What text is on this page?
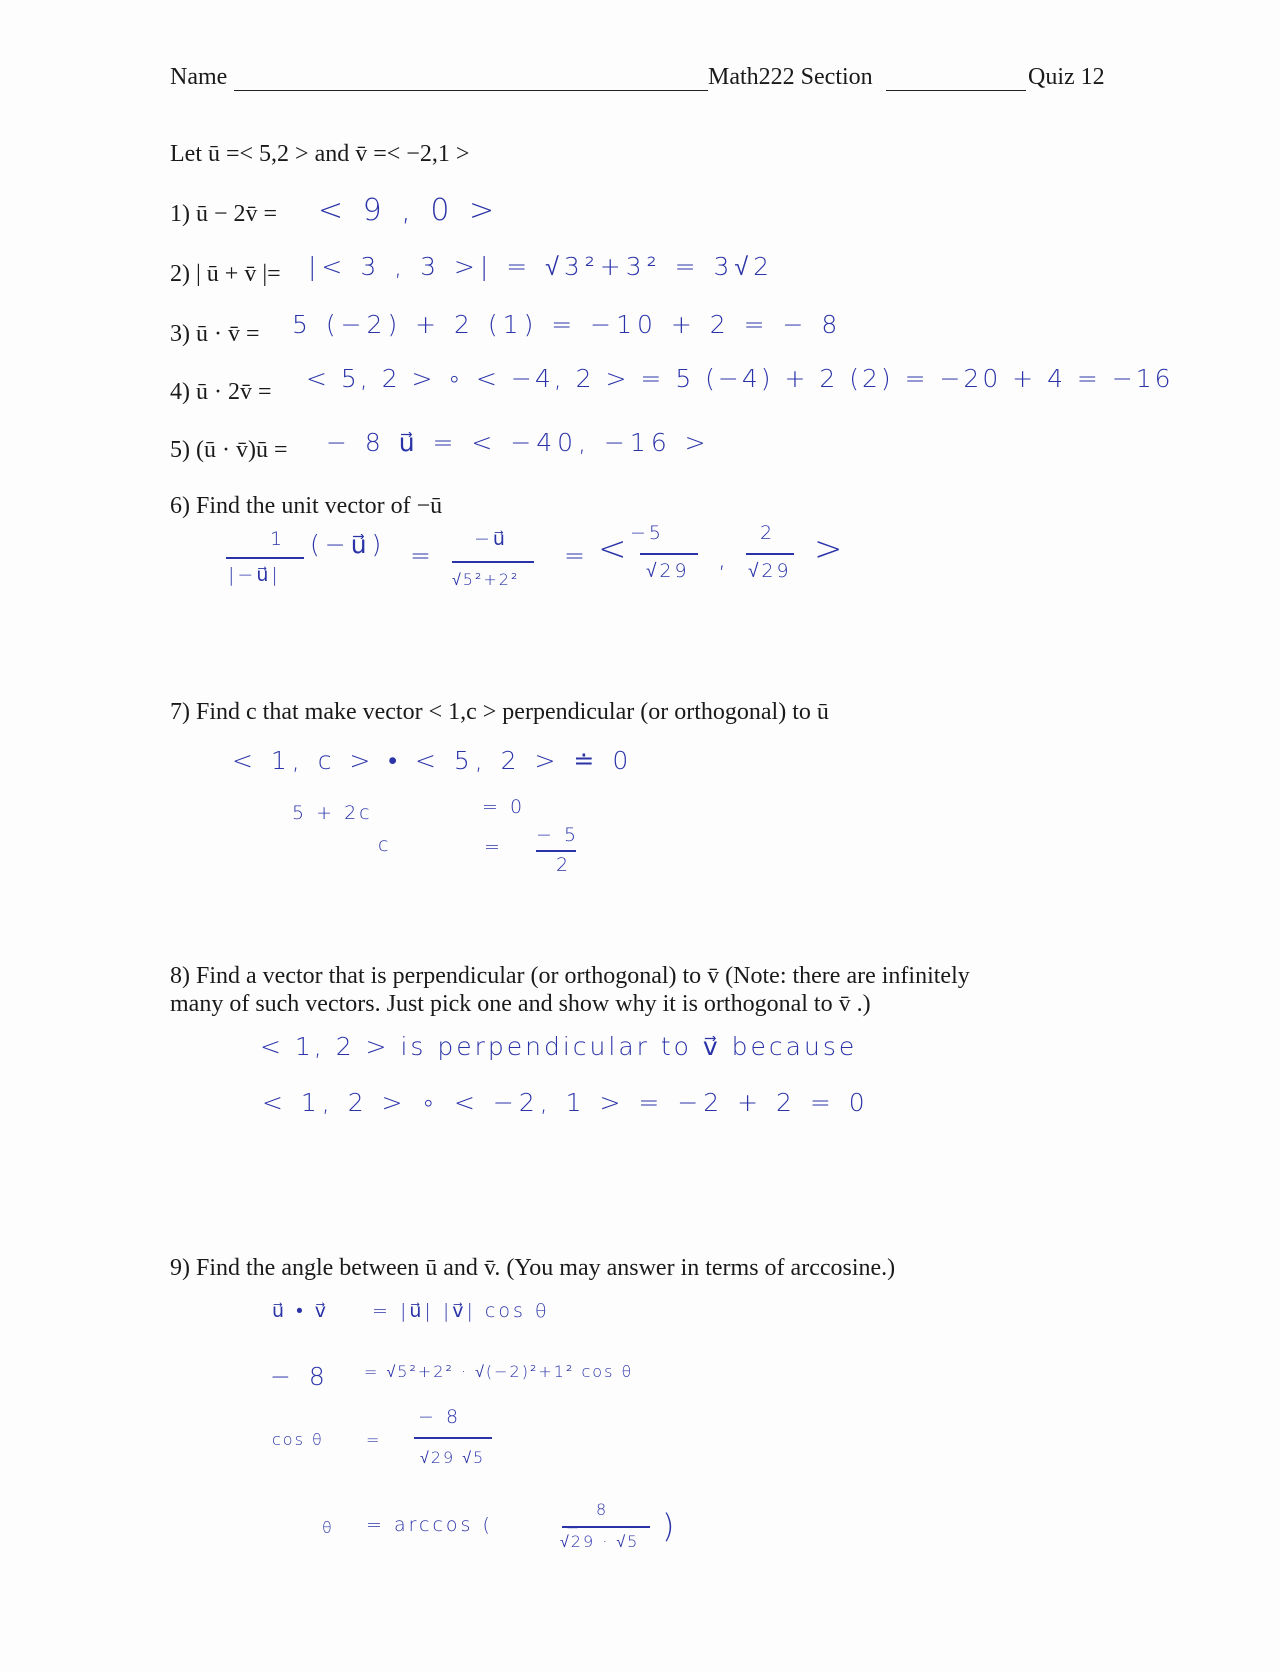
Name	Math222 Section	Quiz 12
Let ū =< 5,2 > and v̄ =< −2,1 >
1) ū − 2v̄ = < 9 , 0 >
2) | ū + v̄ |= |< 3 , 3 >| = √3²+3² = 3√2
3) ū · v̄ = 5 (−2) + 2 (1) = −10 + 2 = − 8
4) ū · 2v̄ = < 5, 2 > ∘ < −4, 2 > = 5 (−4) + 2 (2) = −20 + 4 = −16
5) (ū · v̄)ū = − 8 u⃗ = < −40, −16 >
6) Find the unit vector of −ū
1 (−u⃗)
|−u⃗|
=
−u⃗
√5²+2²
= <
−5
√29 ,
2
√29
>
7) Find c that make vector < 1,c > perpendicular (or orthogonal) to ū
< 1, c > • < 5, 2 > ≐ 0
5 + 2c	= 0
c	=
− 5
2
8) Find a vector that is perpendicular (or orthogonal) to v̄ (Note: there are infinitely
many of such vectors. Just pick one and show why it is orthogonal to v̄ .)
< 1, 2 > is perpendicular to v⃗ because
< 1, 2 > ∘ < −2, 1 > = −2 + 2 = 0
9) Find the angle between ū and v̄. (You may answer in terms of arccosine.)
u⃗ • v⃗ = |u⃗| |v⃗| cos θ
− 8 = √5²+2² · √(−2)²+1² cos θ
cos θ	=
− 8
√29 √5
θ = arccos (	−
8
√29 · √5 )
